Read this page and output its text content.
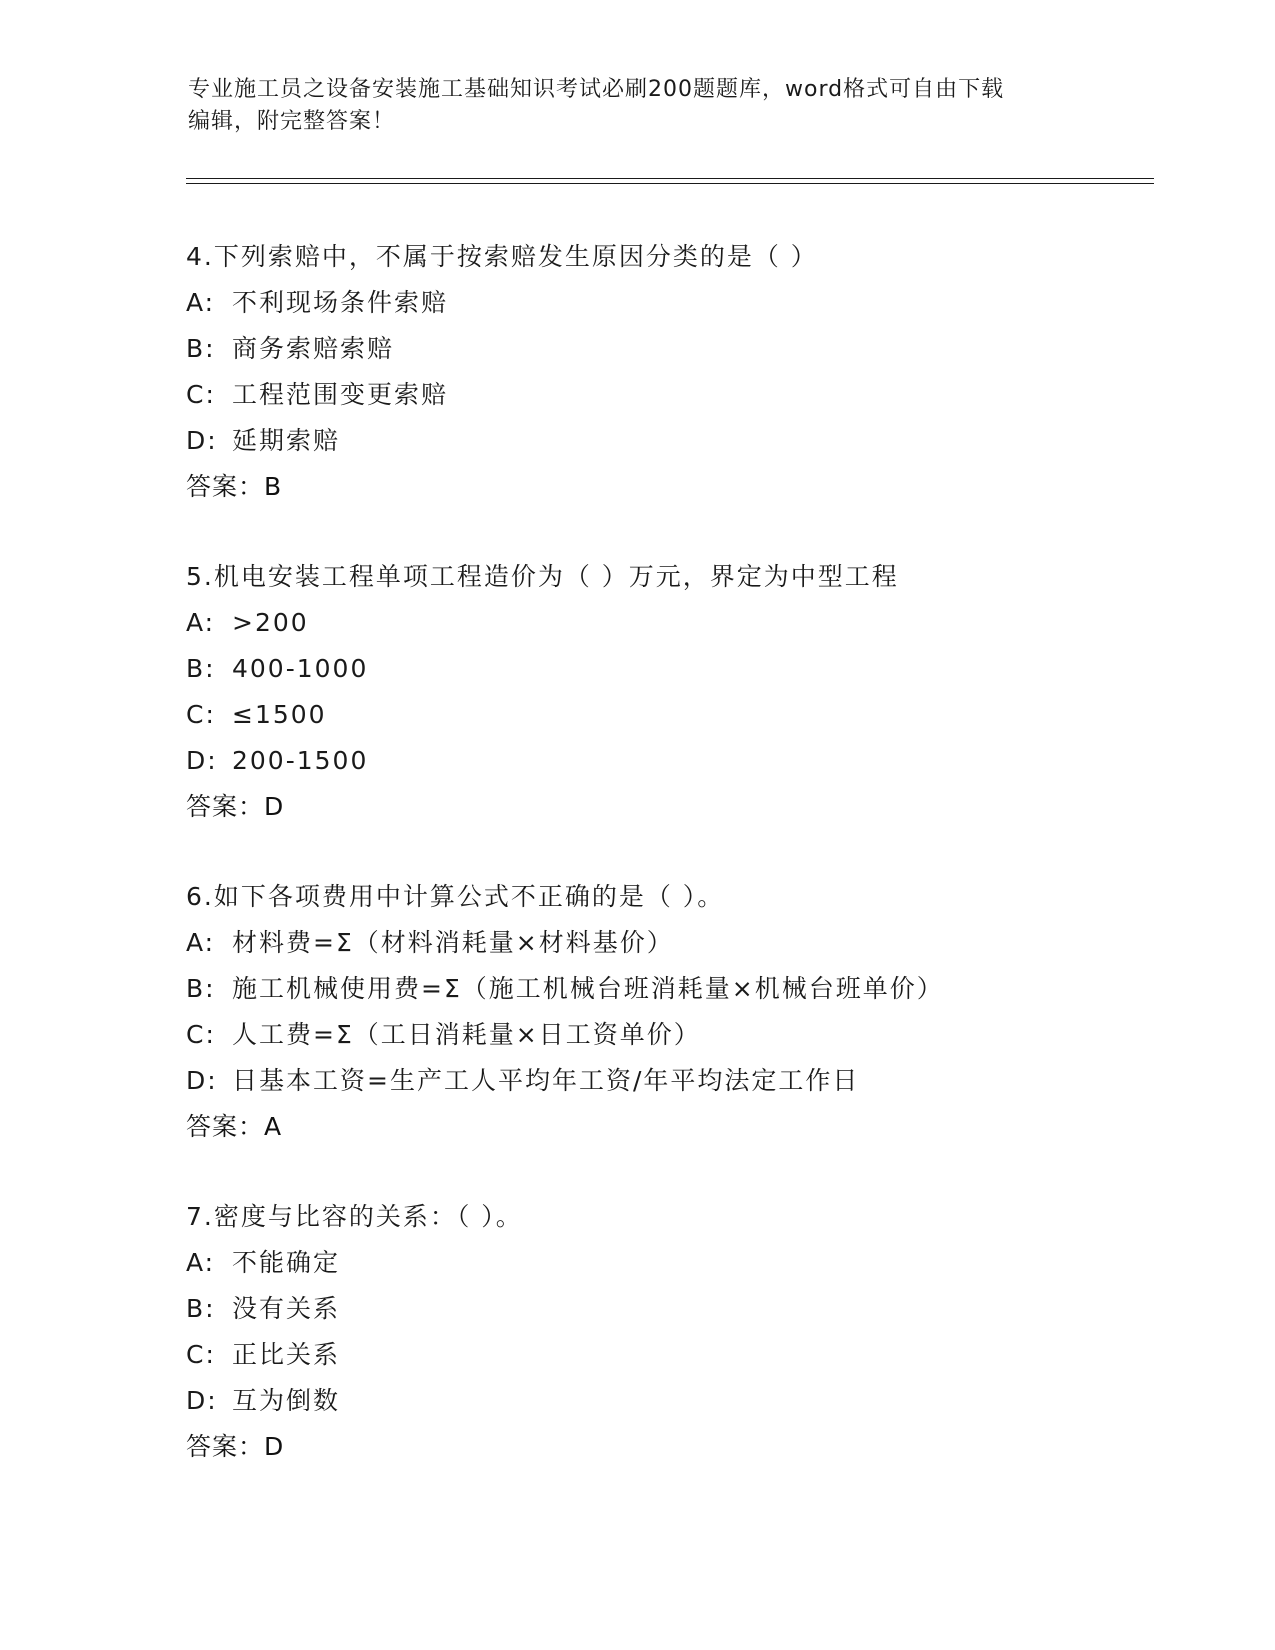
专业施工员之设备安装施工基础知识考试必刷200题题库，word格式可自由下载
编辑，附完整答案！
4.下列索赔中，不属于按索赔发生原因分类的是（ ）
A: 不利现场条件索赔
B: 商务索赔索赔
C: 工程范围变更索赔
D: 延期索赔
答案：B
5.机电安装工程单项工程造价为（ ）万元，界定为中型工程
A: >200
B: 400-1000
C: ≤1500
D: 200-1500
答案：D
6.如下各项费用中计算公式不正确的是（ ）。
A: 材料费=Σ（材料消耗量×材料基价）
B: 施工机械使用费=Σ（施工机械台班消耗量×机械台班单价）
C: 人工费=Σ（工日消耗量×日工资单价）
D: 日基本工资=生产工人平均年工资/年平均法定工作日
答案：A
7.密度与比容的关系：（ ）。
A: 不能确定
B: 没有关系
C: 正比关系
D: 互为倒数
答案：D
